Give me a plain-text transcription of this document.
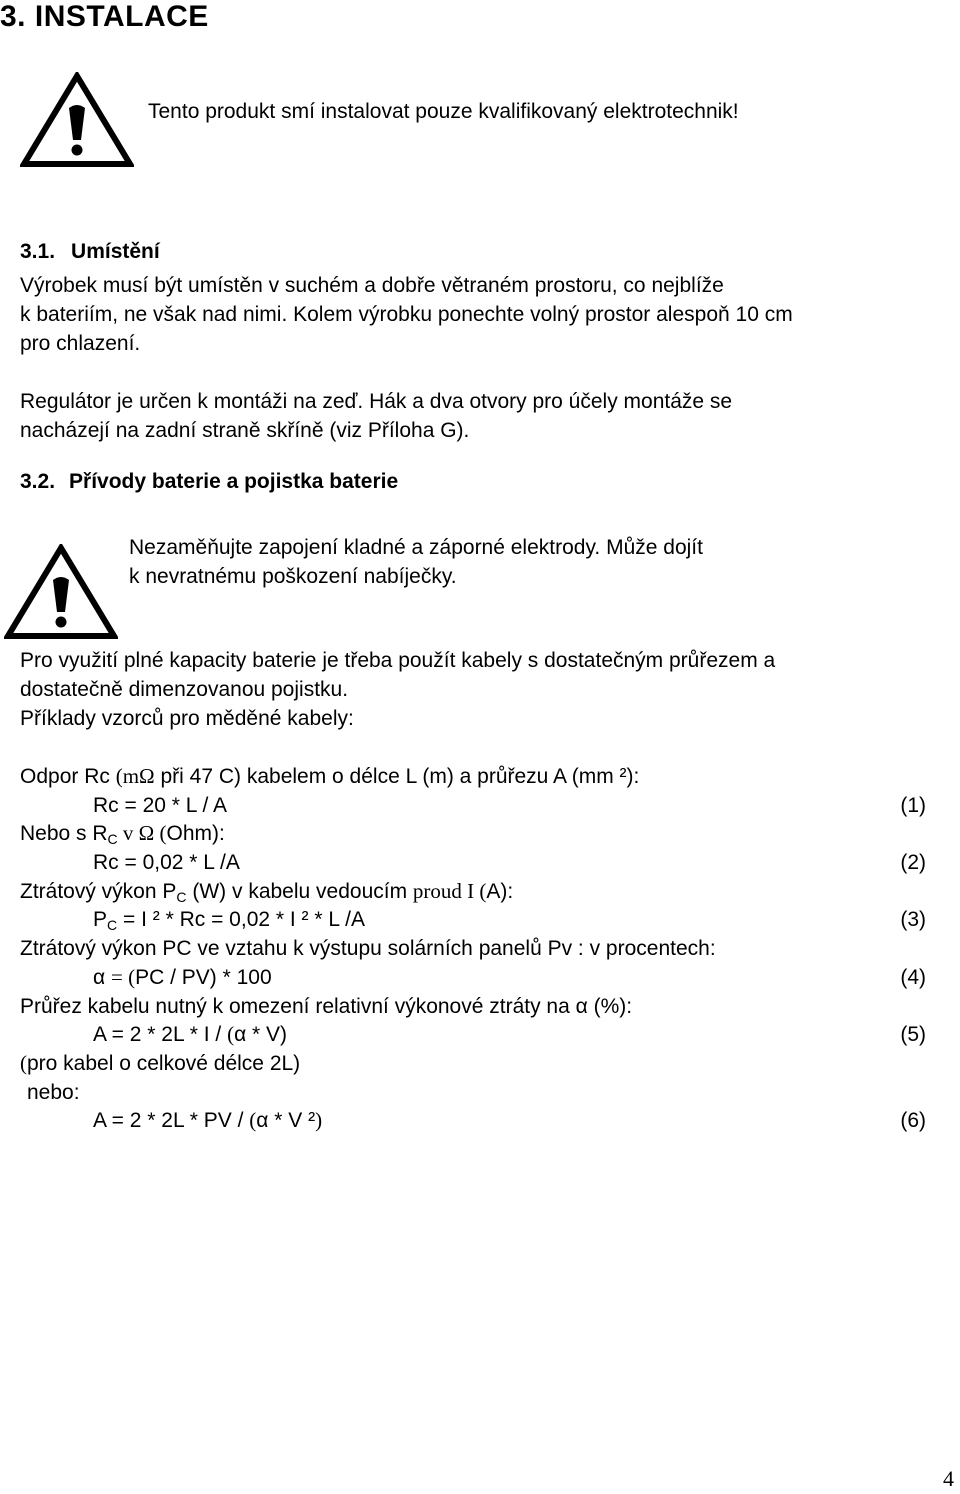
3. INSTALACE
Tento produkt smí instalovat pouze kvalifikovaný elektrotechnik!
3.1. Umístění
Výrobek musí být umístěn v suchém a dobře větraném prostoru, co nejblíže
k bateriím, ne však nad nimi. Kolem výrobku ponechte volný prostor alespoň 10 cm
pro chlazení.
Regulátor je určen k montáži na zeď. Hák a dva otvory pro účely montáže se
nacházejí na zadní straně skříně (viz Příloha G).
3.2. Přívody baterie a pojistka baterie
Nezaměňujte zapojení kladné a záporné elektrody. Může dojít
k nevratnému poškození nabíječky.
Pro využití plné kapacity baterie je třeba použít kabely s dostatečným průřezem a
dostatečně dimenzovanou pojistku.
Příklady vzorců pro měděné kabely:
Odpor Rc (mΩ při 47 C) kabelem o délce L (m) a průřezu A (mm ²):
Rc = 20 * L / A	(1)
Nebo s RC v Ω (Ohm):
Rc = 0,02 * L /A	(2)
Ztrátový výkon PC (W) v kabelu vedoucím proud I (A):
PC = I ² * Rc = 0,02 * I ² * L /A	(3)
Ztrátový výkon PC ve vztahu k výstupu solárních panelů Pv : v procentech:
α = (PC / PV) * 100	(4)
Průřez kabelu nutný k omezení relativní výkonové ztráty na α (%):
A = 2 * 2L * I / (α * V)	(5)
(pro kabel o celkové délce 2L)
nebo:
A = 2 * 2L * PV / (α * V ²)	(6)
4
